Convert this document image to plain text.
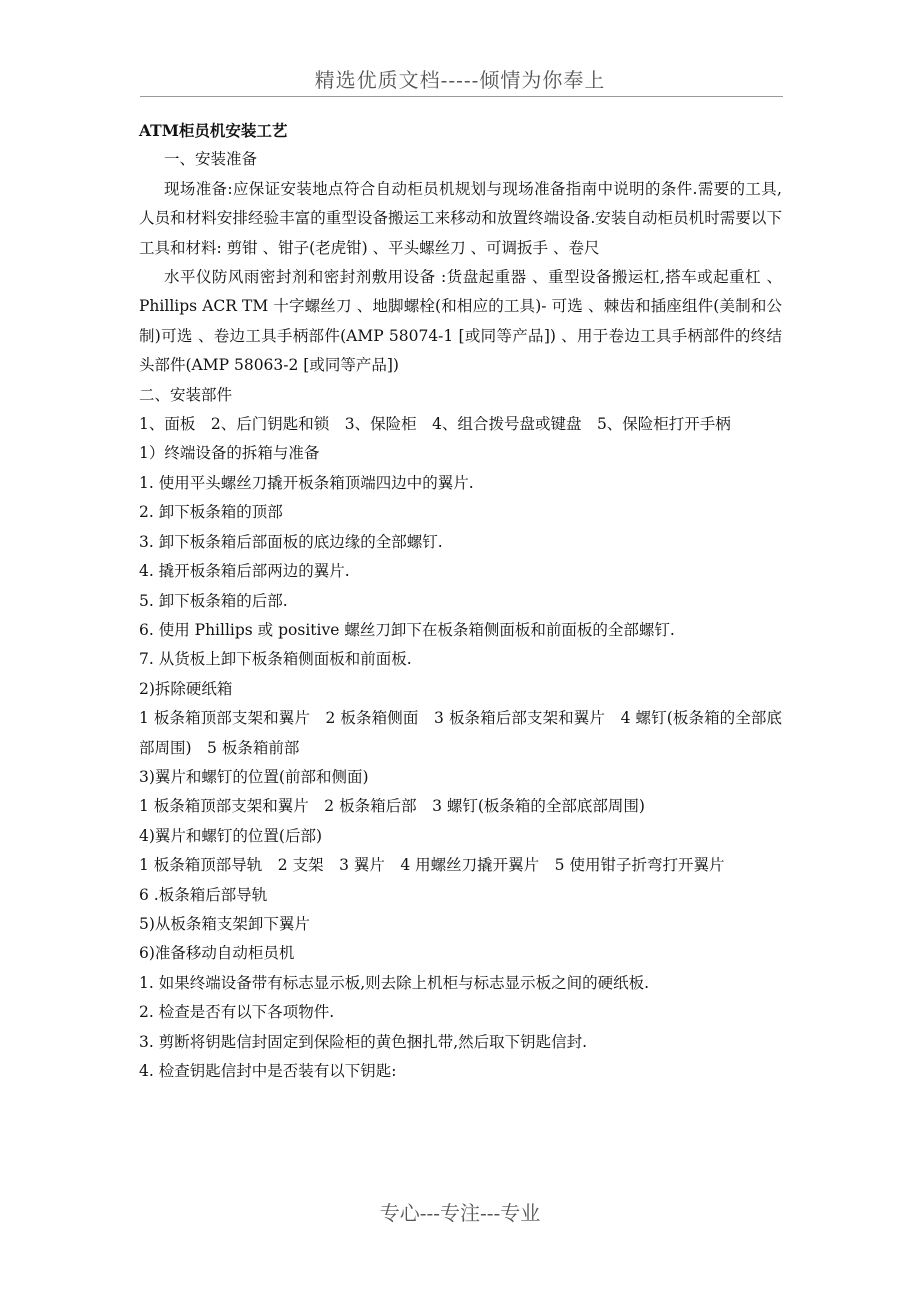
精选优质文档-----倾情为你奉上

ATM柜员机安装工艺

一、安装准备

现场准备:应保证安装地点符合自动柜员机规划与现场准备指南中说明的条件.需要的工具,人员和材料安排经验丰富的重型设备搬运工来移动和放置终端设备.安装自动柜员机时需要以下工具和材料: 剪钳 、钳子(老虎钳) 、平头螺丝刀 、可调扳手 、卷尺

水平仪防风雨密封剂和密封剂敷用设备 :货盘起重器 、重型设备搬运杠,搭车或起重杠 、Phillips ACR TM 十字螺丝刀 、地脚螺栓(和相应的工具)- 可选 、棘齿和插座组件(美制和公制)可选 、卷边工具手柄部件(AMP 58074-1 [或同等产品]) 、用于卷边工具手柄部件的终结头部件(AMP 58063-2 [或同等产品])

二、安装部件

1、面板　2、后门钥匙和锁　3、保险柜　4、组合拨号盘或键盘　5、保险柜打开手柄

1）终端设备的拆箱与准备

1. 使用平头螺丝刀撬开板条箱顶端四边中的翼片.

2. 卸下板条箱的顶部

3. 卸下板条箱后部面板的底边缘的全部螺钉.

4. 撬开板条箱后部两边的翼片.

5. 卸下板条箱的后部.

6. 使用 Phillips 或 positive 螺丝刀卸下在板条箱侧面板和前面板的全部螺钉.

7. 从货板上卸下板条箱侧面板和前面板.

2)拆除硬纸箱

1 板条箱顶部支架和翼片　2 板条箱侧面　3 板条箱后部支架和翼片　4 螺钉(板条箱的全部底部周围)　5 板条箱前部

3)翼片和螺钉的位置(前部和侧面)

1 板条箱顶部支架和翼片　2 板条箱后部　3 螺钉(板条箱的全部底部周围)

4)翼片和螺钉的位置(后部)

1 板条箱顶部导轨　2 支架　3 翼片　4 用螺丝刀撬开翼片　5 使用钳子折弯打开翼片

6 .板条箱后部导轨

5)从板条箱支架卸下翼片

6)准备移动自动柜员机

1. 如果终端设备带有标志显示板,则去除上机柜与标志显示板之间的硬纸板.

2. 检查是否有以下各项物件.

3. 剪断将钥匙信封固定到保险柜的黄色捆扎带,然后取下钥匙信封.

4. 检查钥匙信封中是否装有以下钥匙:

专心---专注---专业
